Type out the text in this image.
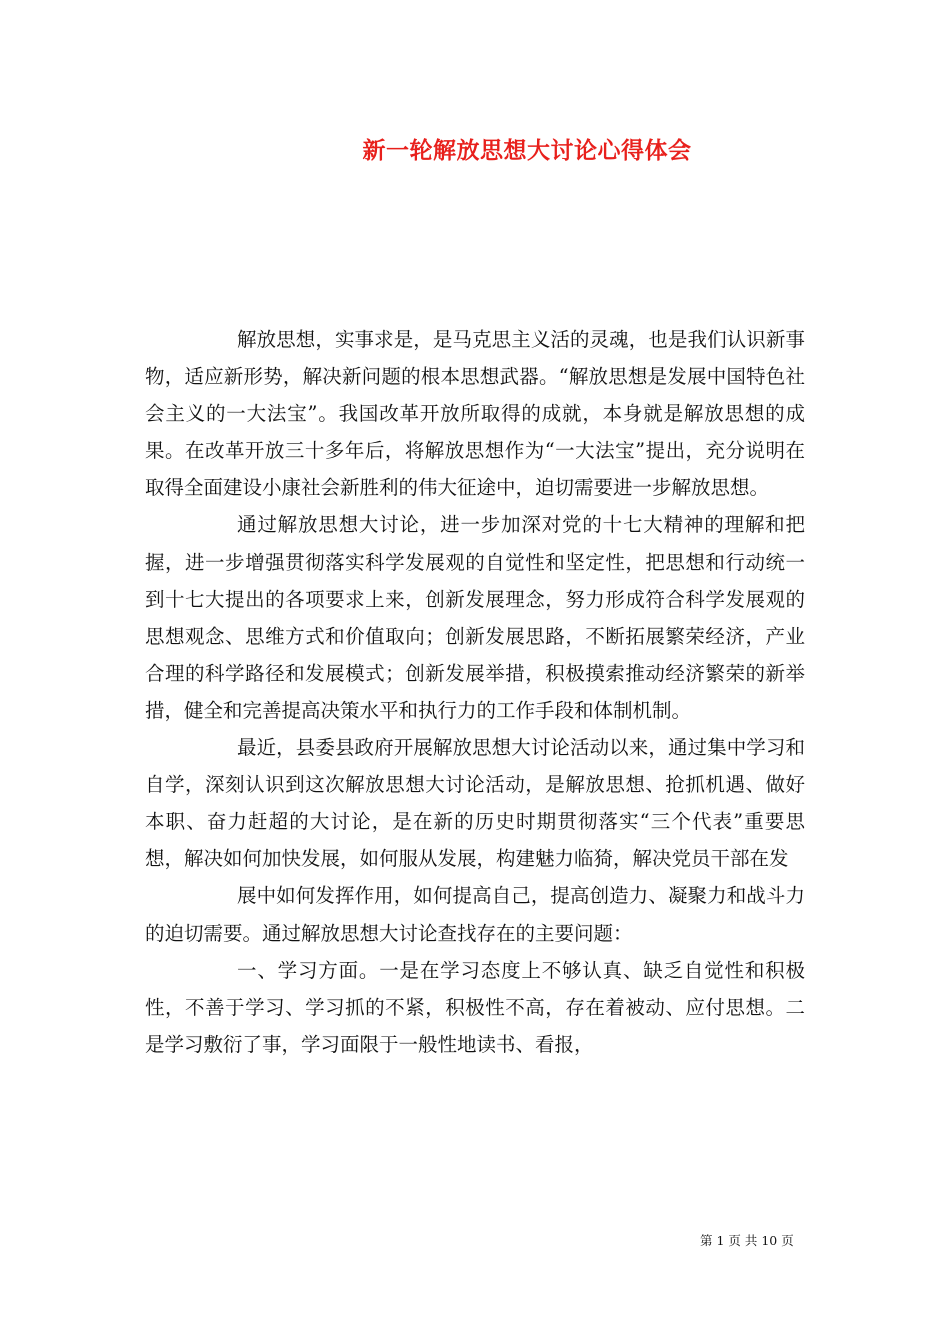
新一轮解放思想大讨论心得体会

解放思想，实事求是，是马克思主义活的灵魂，也是我们认识新事物，适应新形势，解决新问题的根本思想武器。“解放思想是发展中国特色社会主义的一大法宝”。我国改革开放所取得的成就，本身就是解放思想的成果。在改革开放三十多年后，将解放思想作为“一大法宝”提出，充分说明在取得全面建设小康社会新胜利的伟大征途中，迫切需要进一步解放思想。

通过解放思想大讨论，进一步加深对党的十七大精神的理解和把握，进一步增强贯彻落实科学发展观的自觉性和坚定性，把思想和行动统一到十七大提出的各项要求上来，创新发展理念，努力形成符合科学发展观的思想观念、思维方式和价值取向；创新发展思路，不断拓展繁荣经济，产业合理的科学路径和发展模式；创新发展举措，积极摸索推动经济繁荣的新举措，健全和完善提高决策水平和执行力的工作手段和体制机制。

最近，县委县政府开展解放思想大讨论活动以来，通过集中学习和自学，深刻认识到这次解放思想大讨论活动，是解放思想、抢抓机遇、做好本职、奋力赶超的大讨论，是在新的历史时期贯彻落实“三个代表”重要思想，解决如何加快发展，如何服从发展，构建魅力临猗，解决党员干部在发

展中如何发挥作用，如何提高自己，提高创造力、凝聚力和战斗力的迫切需要。通过解放思想大讨论查找存在的主要问题：

一、学习方面。一是在学习态度上不够认真、缺乏自觉性和积极性，不善于学习、学习抓的不紧，积极性不高，存在着被动、应付思想。二是学习敷衍了事，学习面限于一般性地读书、看报，

第 1 页 共 10 页
